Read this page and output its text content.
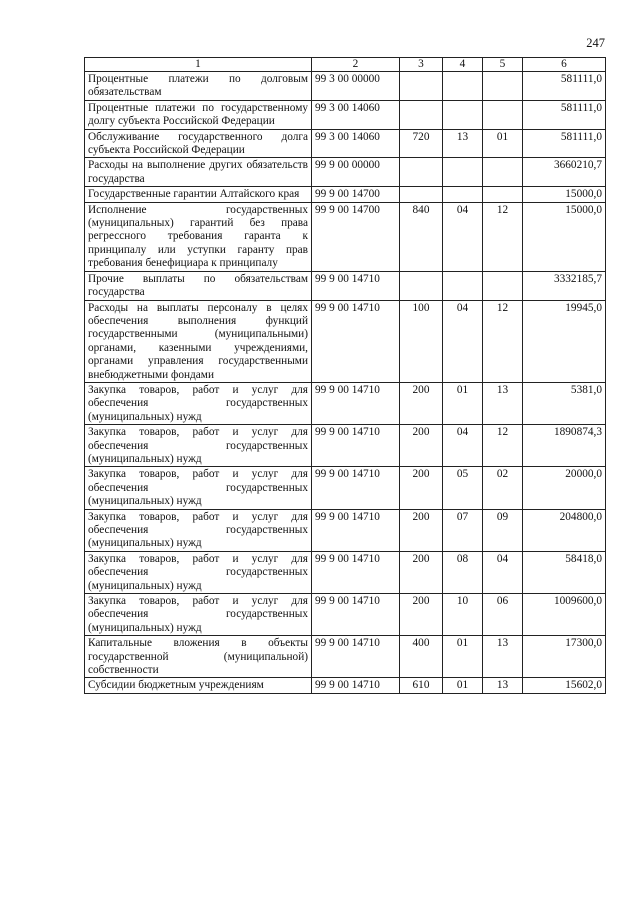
247
1	2	3	4	5	6
Процентные платежи по долговым обязательствам	99 3 00 00000				581111,0
Процентные платежи по государственному долгу субъекта Российской Федерации	99 3 00 14060				581111,0
Обслуживание государственного долга субъекта Российской Федерации	99 3 00 14060	720	13	01	581111,0
Расходы на выполнение других обязательств государства	99 9 00 00000				3660210,7
Государственные гарантии Алтайского края	99 9 00 14700				15000,0
Исполнение государственных (муниципальных) гарантий без права регрессного требования гаранта к принципалу или уступки гаранту прав требования бенефициара к принципалу	99 9 00 14700	840	04	12	15000,0
Прочие выплаты по обязательствам государства	99 9 00 14710				3332185,7
Расходы на выплаты персоналу в целях обеспечения выполнения функций государственными (муниципальными) органами, казенными учреждениями, органами управления государственными внебюджетными фондами	99 9 00 14710	100	04	12	19945,0
Закупка товаров, работ и услуг для обеспечения государственных (муниципальных) нужд	99 9 00 14710	200	01	13	5381,0
Закупка товаров, работ и услуг для обеспечения государственных (муниципальных) нужд	99 9 00 14710	200	04	12	1890874,3
Закупка товаров, работ и услуг для обеспечения государственных (муниципальных) нужд	99 9 00 14710	200	05	02	20000,0
Закупка товаров, работ и услуг для обеспечения государственных (муниципальных) нужд	99 9 00 14710	200	07	09	204800,0
Закупка товаров, работ и услуг для обеспечения государственных (муниципальных) нужд	99 9 00 14710	200	08	04	58418,0
Закупка товаров, работ и услуг для обеспечения государственных (муниципальных) нужд	99 9 00 14710	200	10	06	1009600,0
Капитальные вложения в объекты государственной (муниципальной) собственности	99 9 00 14710	400	01	13	17300,0
Субсидии бюджетным учреждениям	99 9 00 14710	610	01	13	15602,0
